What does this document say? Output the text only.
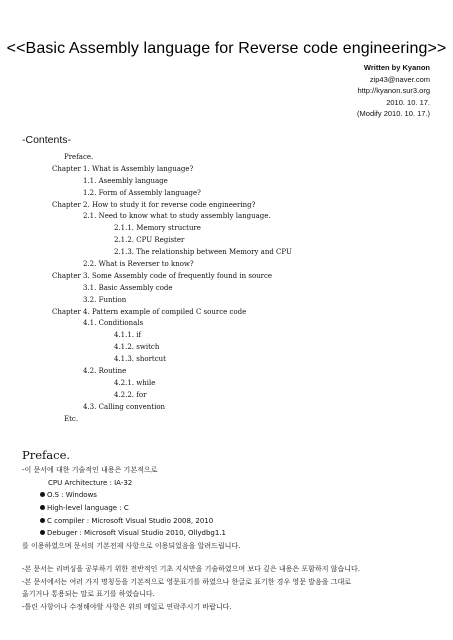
<<Basic Assembly language for Reverse code engineering>>
Written by Kyanon
zip43@naver.com
http://kyanon.sur3.org
2010. 10. 17.
(Modify 2010. 10. 17.)
-Contents-
Preface.
Chapter 1. What is Assembly language?
1.1. Aseembly language
1.2. Form of Assembly language?
Chapter 2. How to study it for reverse code engineering?
2.1. Need to know what to study assembly language.
2.1.1. Memory structure
2.1.2. CPU Register
2.1.3. The relationship between Memory and CPU
2.2. What is Reverser to know?
Chapter 3. Some Assembly code of frequently found in source
3.1. Basic Assembly code
3.2. Funtion
Chapter 4. Pattern example of compiled C source code
4.1. Conditionals
4.1.1. if
4.1.2. switch
4.1.3. shortcut
4.2. Routine
4.2.1. while
4.2.2. for
4.3. Calling convention
Etc.
Preface.
-이 문서에 대한 기술적인 내용은 기본적으로
CPU Architecture : IA-32
O.S : Windows
High-level language : C
C compiler : Microsoft Visual Studio 2008, 2010
Debuger : Microsoft Visual Studio 2010, Ollydbg1.1
를 이용하였으며 문서의 기본전제 사항으로 이용되었음을 알려드립니다.
-본 문서는 리버싱을 공부하기 위한 전반적인 기초 지식만을 기술하였으며 보다 깊은 내용은 포함하지 않습니다.
-본 문서에서는 여러 가지 명칭등을 기본적으로 영문표기를 하였으나 한글로 표기한 경우 영문 발음을 그대로
옮기거나 통용되는 말로 표기를 하였습니다.
-틀린 사항이나 수정해야할 사항은 위의 메일로 연락주시기 바랍니다.
